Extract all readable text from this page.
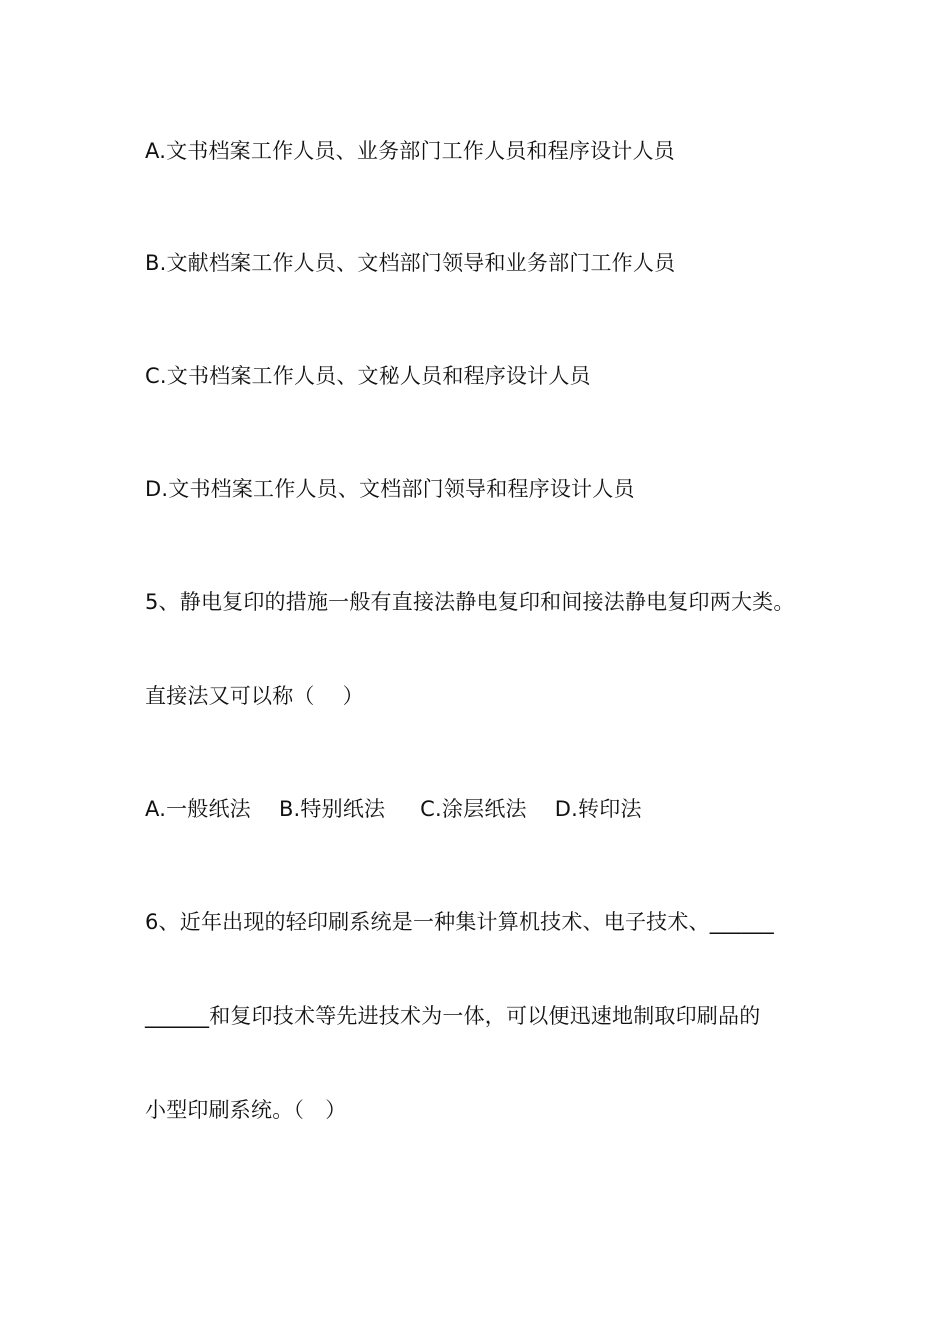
A.文书档案工作人员、业务部门工作人员和程序设计人员
B.文献档案工作人员、文档部门领导和业务部门工作人员
C.文书档案工作人员、文秘人员和程序设计人员
D.文书档案工作人员、文档部门领导和程序设计人员
5、静电复印的措施一般有直接法静电复印和间接法静电复印两大类。
直接法又可以称（　 ）
A.一般纸法　 B.特别纸法　  C.涂层纸法　 D.转印法
6、近年出现的轻印刷系统是一种集计算机技术、电子技术、______
______和复印技术等先进技术为一体，可以便迅速地制取印刷品的
小型印刷系统。（　）
